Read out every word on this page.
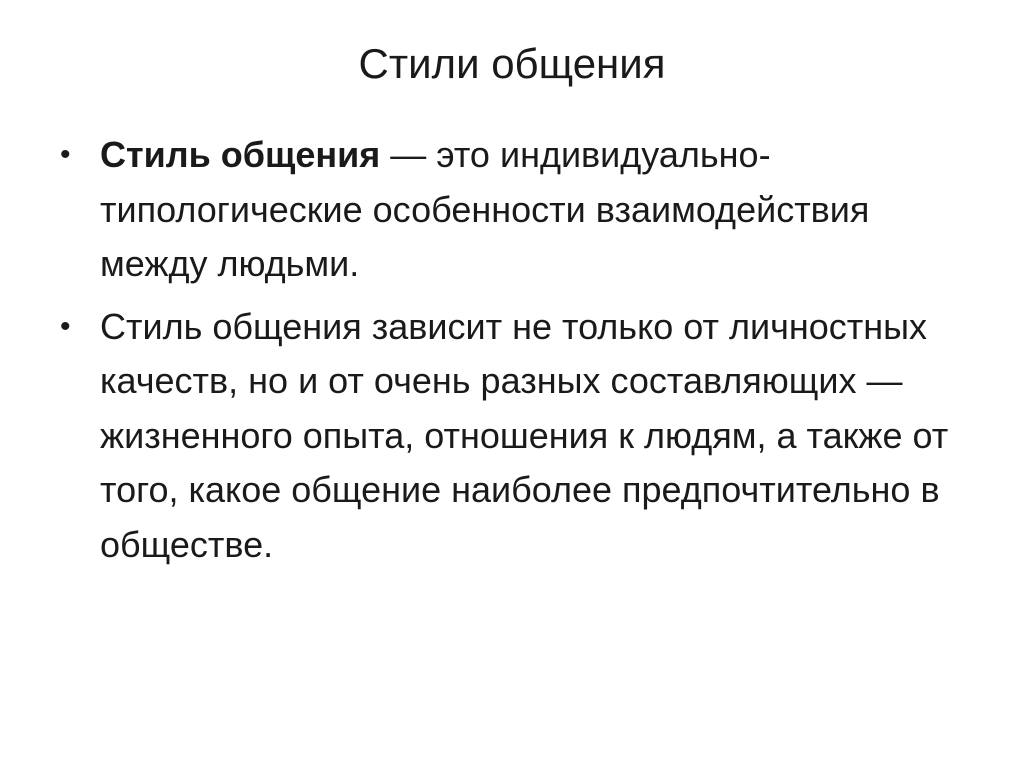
Стили общения
• Стиль общения — это индивидуально-типологические особенности взаимодействия между людьми.
• Стиль общения зависит не только от личностных качеств, но и от очень разных составляющих — жизненного опыта, отношения к людям, а также от того, какое общение наиболее предпочтительно в обществе.
